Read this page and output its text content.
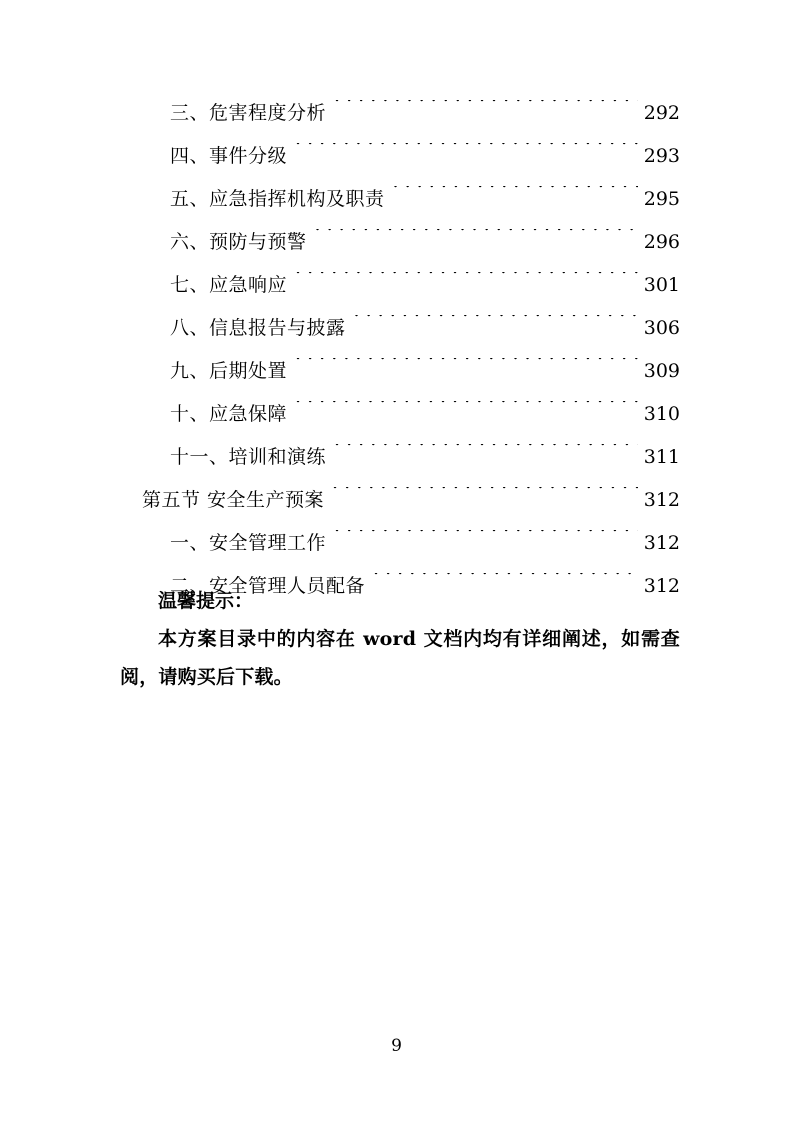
三、危害程度分析 . . .	292
四、事件分级 . . .	293
五、应急指挥机构及职责 . . .	295
六、预防与预警 . . .	296
七、应急响应 . . .	301
八、信息报告与披露 . . .	306
九、后期处置 . . .	309
十、应急保障 . . .	310
十一、培训和演练 . . .	311
第五节 安全生产预案 . . .	312
一、安全管理工作 . . .	312
二、安全管理人员配备 . . .	312
温馨提示：
本方案目录中的内容在 word 文档内均有详细阐述，如需查阅，请购买后下载。
9
